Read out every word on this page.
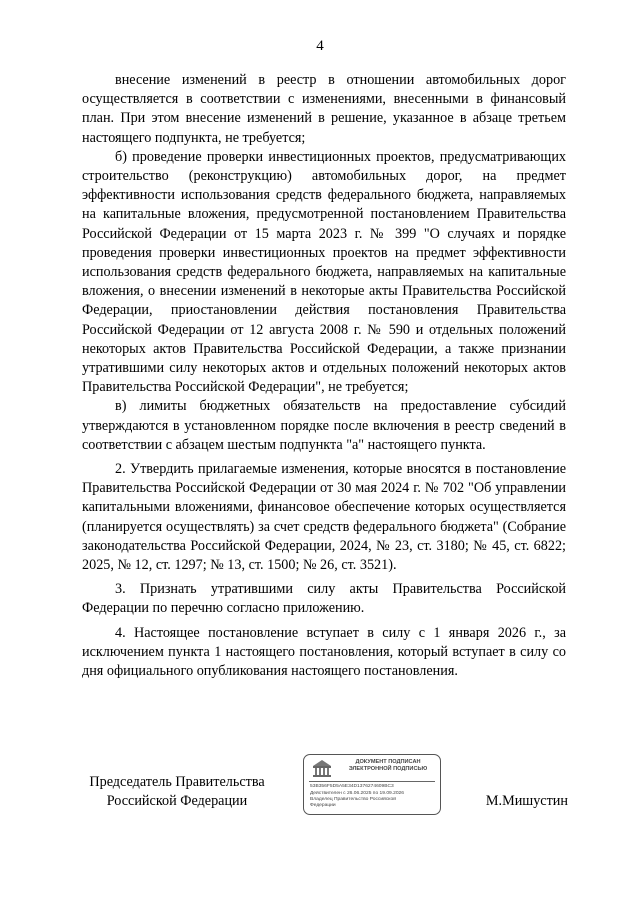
4

внесение изменений в реестр в отношении автомобильных дорог осуществляется в соответствии с изменениями, внесенными в финансовый план. При этом внесение изменений в решение, указанное в абзаце третьем настоящего подпункта, не требуется;

б) проведение проверки инвестиционных проектов, предусматривающих строительство (реконструкцию) автомобильных дорог, на предмет эффективности использования средств федерального бюджета, направляемых на капитальные вложения, предусмотренной постановлением Правительства Российской Федерации от 15 марта 2023 г. № 399 "О случаях и порядке проведения проверки инвестиционных проектов на предмет эффективности использования средств федерального бюджета, направляемых на капитальные вложения, о внесении изменений в некоторые акты Правительства Российской Федерации, приостановлении действия постановления Правительства Российской Федерации от 12 августа 2008 г. № 590 и отдельных положений некоторых актов Правительства Российской Федерации, а также признании утратившими силу некоторых актов и отдельных положений некоторых актов Правительства Российской Федерации", не требуется;

в) лимиты бюджетных обязательств на предоставление субсидий утверждаются в установленном порядке после включения в реестр сведений в соответствии с абзацем шестым подпункта "а" настоящего пункта.

2. Утвердить прилагаемые изменения, которые вносятся в постановление Правительства Российской Федерации от 30 мая 2024 г. № 702 "Об управлении капитальными вложениями, финансовое обеспечение которых осуществляется (планируется осуществлять) за счет средств федерального бюджета" (Собрание законодательства Российской Федерации, 2024, № 23, ст. 3180; № 45, ст. 6822; 2025, № 12, ст. 1297; № 13, ст. 1500; № 26, ст. 3521).

3. Признать утратившими силу акты Правительства Российской Федерации по перечню согласно приложению.

4. Настоящее постановление вступает в силу с 1 января 2026 г., за исключением пункта 1 настоящего постановления, который вступает в силу со дня официального опубликования настоящего постановления.

Председатель Правительства
Российской Федерации
ДОКУМЕНТ ПОДПИСАН
ЭЛЕКТРОННОЙ ПОДПИСЬЮ
53B356F5D5A5E34D1376274609BC3
Действителен с 26.06.2025 по 19.09.2026
Владелец Правительство Российской
Федерации	М.Мишустин
